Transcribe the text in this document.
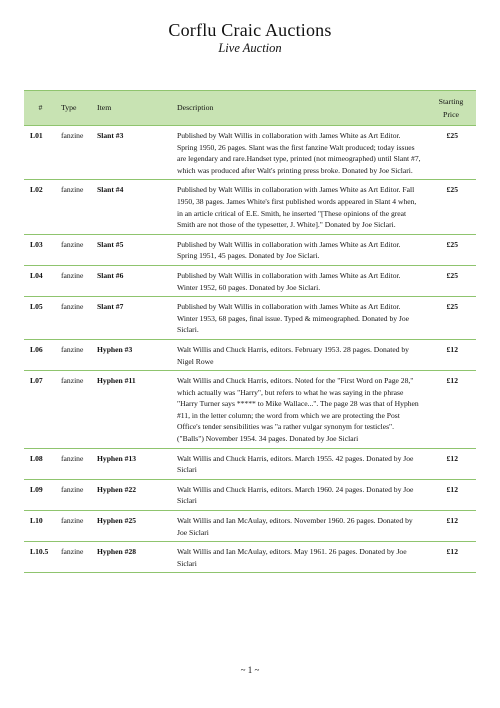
Corflu Craic Auctions
Live Auction
#	Type	Item	Description	Starting Price
L01	fanzine	Slant #3	Published by Walt Willis in collaboration with James White as Art Editor. Spring 1950, 26 pages. Slant was the first fanzine Walt produced; today issues are legendary and rare.Handset type, printed (not mimeographed) until Slant #7, which was produced after Walt's printing press broke. Donated by Joe Siclari.	£25
L02	fanzine	Slant #4	Published by Walt Willis in collaboration with James White as Art Editor. Fall 1950, 38 pages. James White's first published words appeared in Slant 4 when, in an article critical of E.E. Smith, he inserted "[These opinions of the great Smith are not those of the typesetter, J. White]." Donated by Joe Siclari.	£25
L03	fanzine	Slant #5	Published by Walt Willis in collaboration with James White as Art Editor. Spring 1951, 45 pages. Donated by Joe Siclari.	£25
L04	fanzine	Slant #6	Published by Walt Willis in collaboration with James White as Art Editor. Winter 1952, 60 pages. Donated by Joe Siclari.	£25
L05	fanzine	Slant #7	Published by Walt Willis in collaboration with James White as Art Editor. Winter 1953, 68 pages, final issue. Typed & mimeographed. Donated by Joe Siclari.	£25
L06	fanzine	Hyphen #3	Walt Willis and Chuck Harris, editors. February 1953. 28 pages. Donated by Nigel Rowe	£12
L07	fanzine	Hyphen #11	Walt Willis and Chuck Harris, editors. Noted for the "First Word on Page 28," which actually was "Harry", but refers to what he was saying in the phrase "Harry Turner says ***** to Mike Wallace...". The page 28 was that of Hyphen #11, in the letter column; the word from which we are protecting the Post Office's tender sensibilities was "a rather vulgar synonym for testicles". ("Balls") November 1954. 34 pages. Donated by Joe Siclari	£12
L08	fanzine	Hyphen #13	Walt Willis and Chuck Harris, editors. March 1955. 42 pages. Donated by Joe Siclari	£12
L09	fanzine	Hyphen #22	Walt Willis and Chuck Harris, editors. March 1960. 24 pages. Donated by Joe Siclari	£12
L10	fanzine	Hyphen #25	Walt Willis and Ian McAulay, editors. November 1960. 26 pages. Donated by Joe Siclari	£12
L10.5	fanzine	Hyphen #28	Walt Willis and Ian McAulay, editors. May 1961. 26 pages. Donated by Joe Siclari	£12
~ 1 ~
